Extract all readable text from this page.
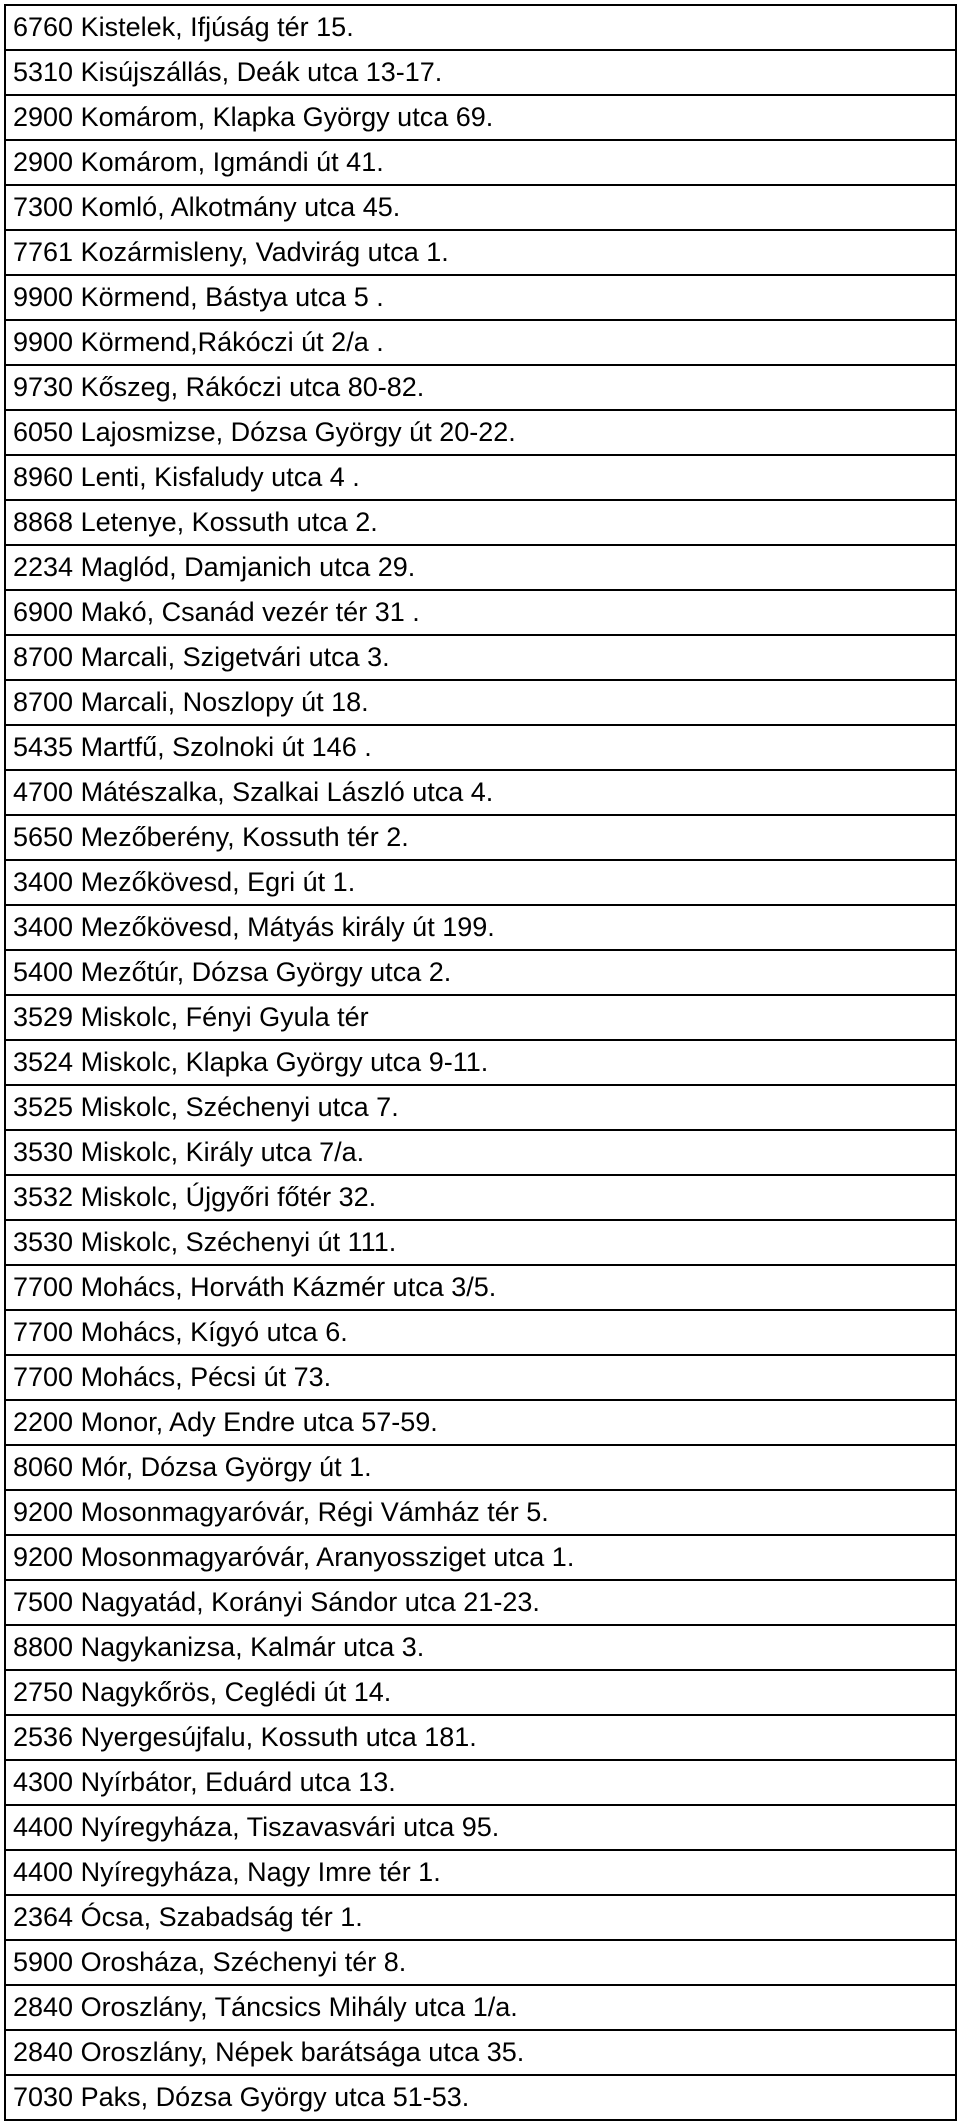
6760 Kistelek, Ifjúság tér 15.
5310 Kisújszállás, Deák utca 13-17.
2900 Komárom, Klapka György utca 69.
2900 Komárom, Igmándi út 41.
7300 Komló, Alkotmány utca 45.
7761 Kozármisleny, Vadvirág utca 1.
9900 Körmend, Bástya utca 5 .
9900 Körmend,Rákóczi út 2/a .
9730 Kőszeg, Rákóczi utca 80-82.
6050 Lajosmizse, Dózsa György út 20-22.
8960 Lenti, Kisfaludy utca 4 .
8868 Letenye, Kossuth utca 2.
2234 Maglód, Damjanich utca 29.
6900 Makó, Csanád vezér tér 31 .
8700 Marcali, Szigetvári utca 3.
8700 Marcali, Noszlopy út 18.
5435 Martfű, Szolnoki út 146 .
4700 Mátészalka, Szalkai László utca 4.
5650 Mezőberény, Kossuth tér 2.
3400 Mezőkövesd, Egri út 1.
3400 Mezőkövesd, Mátyás király út 199.
5400 Mezőtúr, Dózsa György utca 2.
3529 Miskolc, Fényi Gyula tér
3524 Miskolc, Klapka György utca 9-11.
3525 Miskolc, Széchenyi utca 7.
3530 Miskolc, Király utca 7/a.
3532 Miskolc, Újgyőri főtér 32.
3530 Miskolc, Széchenyi út 111.
7700 Mohács, Horváth Kázmér utca 3/5.
7700 Mohács, Kígyó utca 6.
7700 Mohács, Pécsi út 73.
2200 Monor, Ady Endre utca 57-59.
8060 Mór, Dózsa György út 1.
9200 Mosonmagyaróvár, Régi Vámház tér 5.
9200 Mosonmagyaróvár, Aranyossziget utca 1.
7500 Nagyatád, Korányi Sándor utca 21-23.
8800 Nagykanizsa, Kalmár utca 3.
2750 Nagykőrös, Ceglédi út 14.
2536 Nyergesújfalu, Kossuth utca 181.
4300 Nyírbátor, Eduárd utca 13.
4400 Nyíregyháza, Tiszavasvári utca 95.
4400 Nyíregyháza, Nagy Imre tér 1.
2364 Ócsa, Szabadság tér 1.
5900 Orosháza, Széchenyi tér 8.
2840 Oroszlány, Táncsics Mihály utca 1/a.
2840 Oroszlány, Népek barátsága utca 35.
7030 Paks, Dózsa György utca 51-53.
